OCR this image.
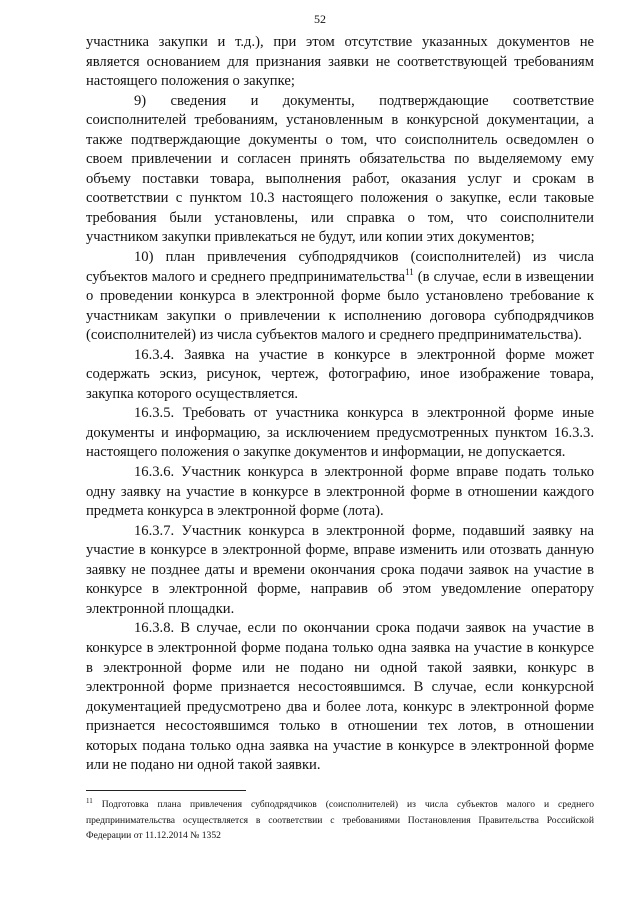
52

участника закупки и т.д.), при этом отсутствие указанных документов не является основанием для признания заявки не соответствующей требованиям настоящего положения о закупке;

9) сведения и документы, подтверждающие соответствие соисполнителей требованиям, установленным в конкурсной документации, а также подтверждающие документы о том, что соисполнитель осведомлен о своем привлечении и согласен принять обязательства по выделяемому ему объему поставки товара, выполнения работ, оказания услуг и срокам в соответствии с пунктом 10.3 настоящего положения о закупке, если таковые требования были установлены, или справка о том, что соисполнители участником закупки привлекаться не будут, или копии этих документов;

10) план привлечения субподрядчиков (соисполнителей) из числа субъектов малого и среднего предпринимательства$^{11}$ (в случае, если в извещении о проведении конкурса в электронной форме было установлено требование к участникам закупки о привлечении к исполнению договора субподрядчиков (соисполнителей) из числа субъектов малого и среднего предпринимательства).

16.3.4. Заявка на участие в конкурсе в электронной форме может содержать эскиз, рисунок, чертеж, фотографию, иное изображение товара, закупка которого осуществляется.

16.3.5. Требовать от участника конкурса в электронной форме иные документы и информацию, за исключением предусмотренных пунктом 16.3.3. настоящего положения о закупке документов и информации, не допускается.

16.3.6. Участник конкурса в электронной форме вправе подать только одну заявку на участие в конкурсе в электронной форме в отношении каждого предмета конкурса в электронной форме (лота).

16.3.7. Участник конкурса в электронной форме, подавший заявку на участие в конкурсе в электронной форме, вправе изменить или отозвать данную заявку не позднее даты и времени окончания срока подачи заявок на участие в конкурсе в электронной форме, направив об этом уведомление оператору электронной площадки.

16.3.8. В случае, если по окончании срока подачи заявок на участие в конкурсе в электронной форме подана только одна заявка на участие в конкурсе в электронной форме или не подано ни одной такой заявки, конкурс в электронной форме признается несостоявшимся. В случае, если конкурсной документацией предусмотрено два и более лота, конкурс в электронной форме признается несостоявшимся только в отношении тех лотов, в отношении которых подана только одна заявка на участие в конкурсе в электронной форме или не подано ни одной такой заявки.

$^{11}$ Подготовка плана привлечения субподрядчиков (соисполнителей) из числа субъектов малого и среднего предпринимательства осуществляется в соответствии с требованиями Постановления Правительства Российской Федерации от 11.12.2014 № 1352
